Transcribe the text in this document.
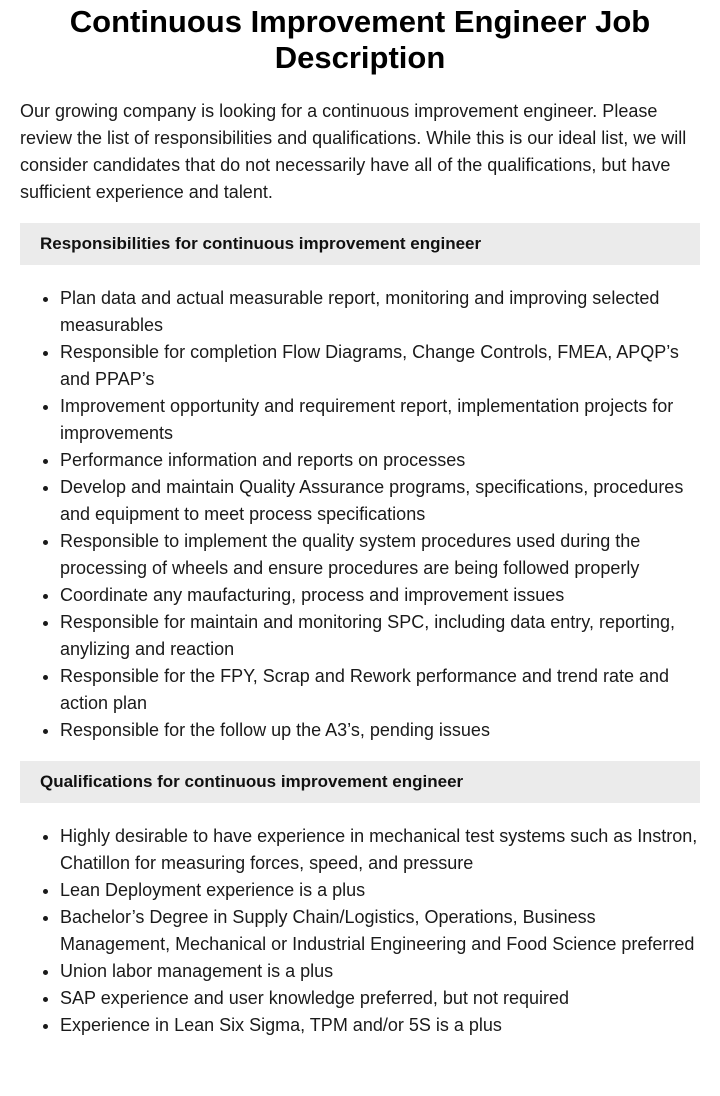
Continuous Improvement Engineer Job Description

Our growing company is looking for a continuous improvement engineer. Please review the list of responsibilities and qualifications. While this is our ideal list, we will consider candidates that do not necessarily have all of the qualifications, but have sufficient experience and talent.

Responsibilities for continuous improvement engineer
Plan data and actual measurable report, monitoring and improving selected measurables
Responsible for completion Flow Diagrams, Change Controls, FMEA, APQP’s and PPAP’s
Improvement opportunity and requirement report, implementation projects for improvements
Performance information and reports on processes
Develop and maintain Quality Assurance programs, specifications, procedures and equipment to meet process specifications
Responsible to implement the quality system procedures used during the processing of wheels and ensure procedures are being followed properly
Coordinate any maufacturing, process and improvement issues
Responsible for maintain and monitoring SPC, including data entry, reporting, anylizing and reaction
Responsible for the FPY, Scrap and Rework performance and trend rate and action plan
Responsible for the follow up the A3’s, pending issues
Qualifications for continuous improvement engineer
Highly desirable to have experience in mechanical test systems such as Instron, Chatillon for measuring forces, speed, and pressure
Lean Deployment experience is a plus
Bachelor’s Degree in Supply Chain/Logistics, Operations, Business Management, Mechanical or Industrial Engineering and Food Science preferred
Union labor management is a plus
SAP experience and user knowledge preferred, but not required
Experience in Lean Six Sigma, TPM and/or 5S is a plus
